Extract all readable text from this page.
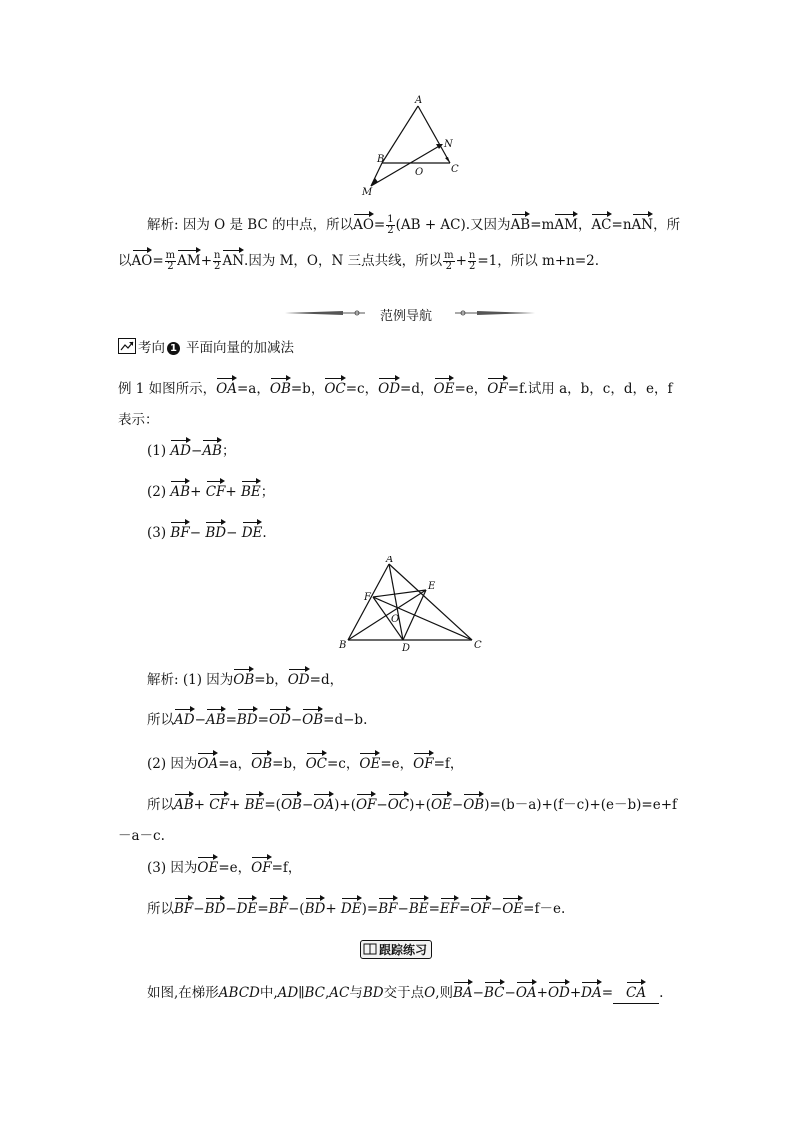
A
N
B
O	C
M
解析: 因为 O 是 BC 的中点，所以$AO= \frac{1}{2} (AB + AC)$.又因为AB=mAM，AC=nAN，所
以$AO= \frac{m}{2} AM+ \frac{n}{2}$ AN.因为 M，O，N 三点共线，所以 $\frac{m}{2} + \frac{n}{2} =1$，所以 m+n=2.
范例导航
考向 1 平面向量的加减法
例 1 如图所示，OA=a，OB=b，OC=c，OD=d，OE=e，OF=f.试用 a，b，c，d，e，f
表示：
(1) AD−AB；
(2) AB+ CF+ BE；
(3) BF− BD− DE.
A
F
E
O
B	D	C
解析: (1) 因为OB=b，OD=d，
所以AD−AB=BD=OD−OB=d−b.
(2) 因为OA=a，OB=b，OC=c，OE=e，OF=f，
所以AB+ CF+ BE=(OB−OA)+(OF−OC)+(OE−OB)=(b－a)+(f－c)+(e－b)=e+f
－a－c.
(3) 因为OE=e，OF=f，
所以BF−BD−DE=BF−(BD+ DE)=BF−BE=EF=OF−OE=f－e.
跟踪练习
如图,在梯形ABCD中,AD∥BC,AC与BD交于点O,则BA−BC−OA+OD+DA= CA .
